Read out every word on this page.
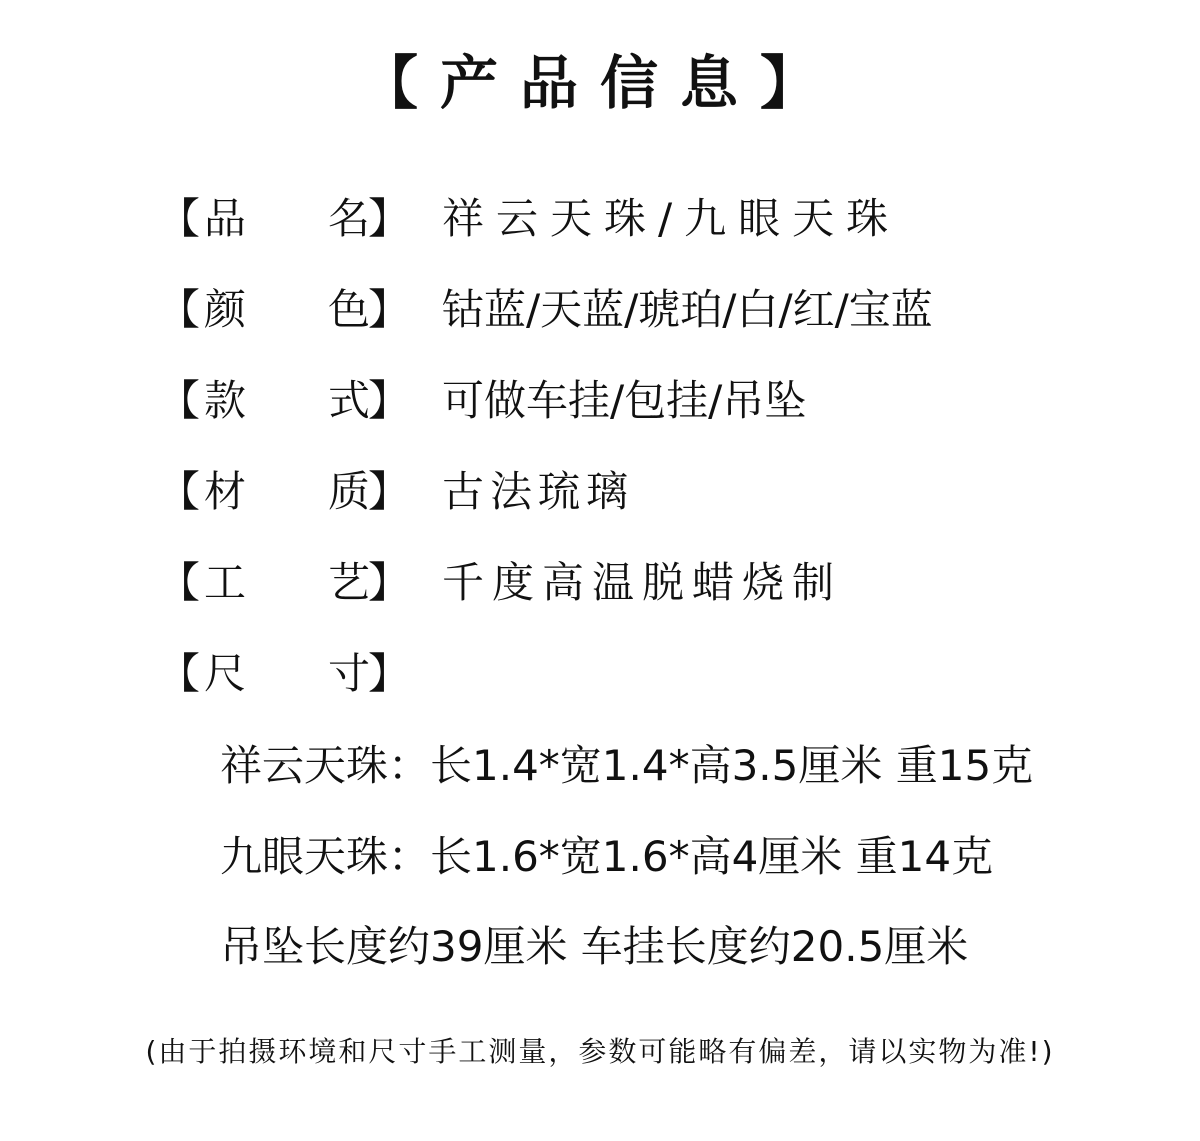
【产品信息】
【 品 名
】 祥云天珠/九眼天珠
【 颜 色
】 钴蓝/天蓝/琥珀/白/红/宝蓝
【 款 式
】 可做车挂/包挂/吊坠
【 材 质
】 古法琉璃
【 工 艺
】 千度高温脱蜡烧制
【 尺 寸
】
祥云天珠：长1.4*宽1.4*高3.5厘米 重15克
九眼天珠：长1.6*宽1.6*高4厘米 重14克
吊坠长度约39厘米 车挂长度约20.5厘米
(由于拍摄环境和尺寸手工测量，参数可能略有偏差，请以实物为准!)
